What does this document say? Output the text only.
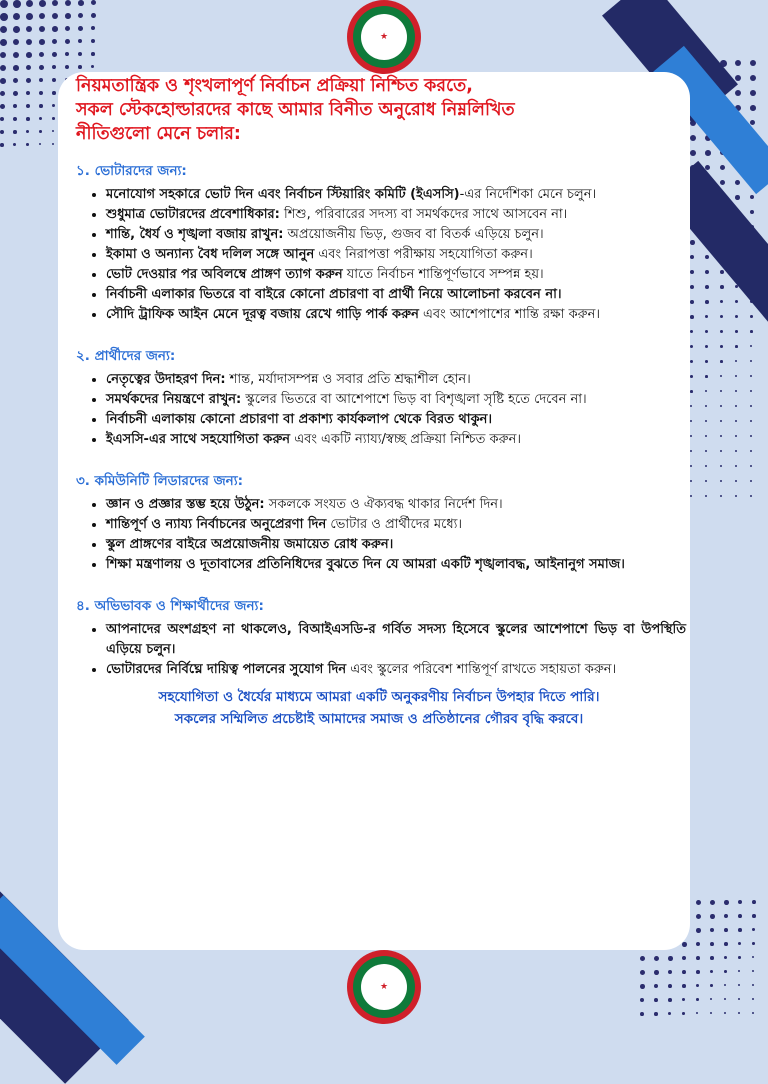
★

নিয়মতান্ত্রিক ও শৃংখলাপূর্ণ নির্বাচন প্রক্রিয়া নিশ্চিত করতে,
সকল স্টেকহোল্ডারদের কাছে আমার বিনীত অনুরোধ নিম্নলিখিত
নীতিগুলো মেনে চলার:

১. ভোটারদের জন্য:
• মনোযোগ সহকারে ভোট দিন এবং নির্বাচন স্টিয়ারিং কমিটি (ইএসসি)-এর নির্দেশিকা মেনে চলুন।
• শুধুমাত্র ভোটারদের প্রবেশাধিকার: শিশু, পরিবারের সদস্য বা সমর্থকদের সাথে আসবেন না।
• শান্তি, ধৈর্য ও শৃঙ্খলা বজায় রাখুন: অপ্রয়োজনীয় ভিড়, গুজব বা বিতর্ক এড়িয়ে চলুন।
• ইকামা ও অন্যান্য বৈধ দলিল সঙ্গে আনুন এবং নিরাপত্তা পরীক্ষায় সহযোগিতা করুন।
• ভোট দেওয়ার পর অবিলম্বে প্রাঙ্গণ ত্যাগ করুন যাতে নির্বাচন শান্তিপূর্ণভাবে সম্পন্ন হয়।
• নির্বাচনী এলাকার ভিতরে বা বাইরে কোনো প্রচারণা বা প্রার্থী নিয়ে আলোচনা করবেন না।
• সৌদি ট্রাফিক আইন মেনে দূরত্ব বজায় রেখে গাড়ি পার্ক করুন এবং আশেপাশের শান্তি রক্ষা করুন।
২. প্রার্থীদের জন্য:
• নেতৃত্বের উদাহরণ দিন: শান্ত, মর্যাদাসম্পন্ন ও সবার প্রতি শ্রদ্ধাশীল হোন।
• সমর্থকদের নিয়ন্ত্রণে রাখুন: স্কুলের ভিতরে বা আশেপাশে ভিড় বা বিশৃঙ্খলা সৃষ্টি হতে দেবেন না।
• নির্বাচনী এলাকায় কোনো প্রচারণা বা প্রকাশ্য কার্যকলাপ থেকে বিরত থাকুন।
• ইএসসি-এর সাথে সহযোগিতা করুন এবং একটি ন্যায্য/স্বচ্ছ প্রক্রিয়া নিশ্চিত করুন।
৩. কমিউনিটি লিডারদের জন্য:
• জ্ঞান ও প্রজ্ঞার স্তম্ভ হয়ে উঠুন: সকলকে সংযত ও ঐক্যবদ্ধ থাকার নির্দেশ দিন।
• শান্তিপূর্ণ ও ন্যায্য নির্বাচনের অনুপ্রেরণা দিন ভোটার ও প্রার্থীদের মধ্যে।
• স্কুল প্রাঙ্গণের বাইরে অপ্রয়োজনীয় জমায়েত রোধ করুন।
• শিক্ষা মন্ত্রণালয় ও দূতাবাসের প্রতিনিধিদের বুঝতে দিন যে আমরা একটি শৃঙ্খলাবদ্ধ, আইনানুগ সমাজ।
৪. অভিভাবক ও শিক্ষার্থীদের জন্য:
• আপনাদের অংশগ্রহণ না থাকলেও, বিআইএসডি-র গর্বিত সদস্য হিসেবে স্কুলের আশেপাশে ভিড় বা উপস্থিতি এড়িয়ে চলুন।
• ভোটারদের নির্বিঘ্নে দায়িত্ব পালনের সুযোগ দিন এবং স্কুলের পরিবেশ শান্তিপূর্ণ রাখতে সহায়তা করুন।
সহযোগিতা ও ধৈর্যের মাধ্যমে আমরা একটি অনুকরণীয় নির্বাচন উপহার দিতে পারি।
সকলের সম্মিলিত প্রচেষ্টাই আমাদের সমাজ ও প্রতিষ্ঠানের গৌরব বৃদ্ধি করবে।
★
